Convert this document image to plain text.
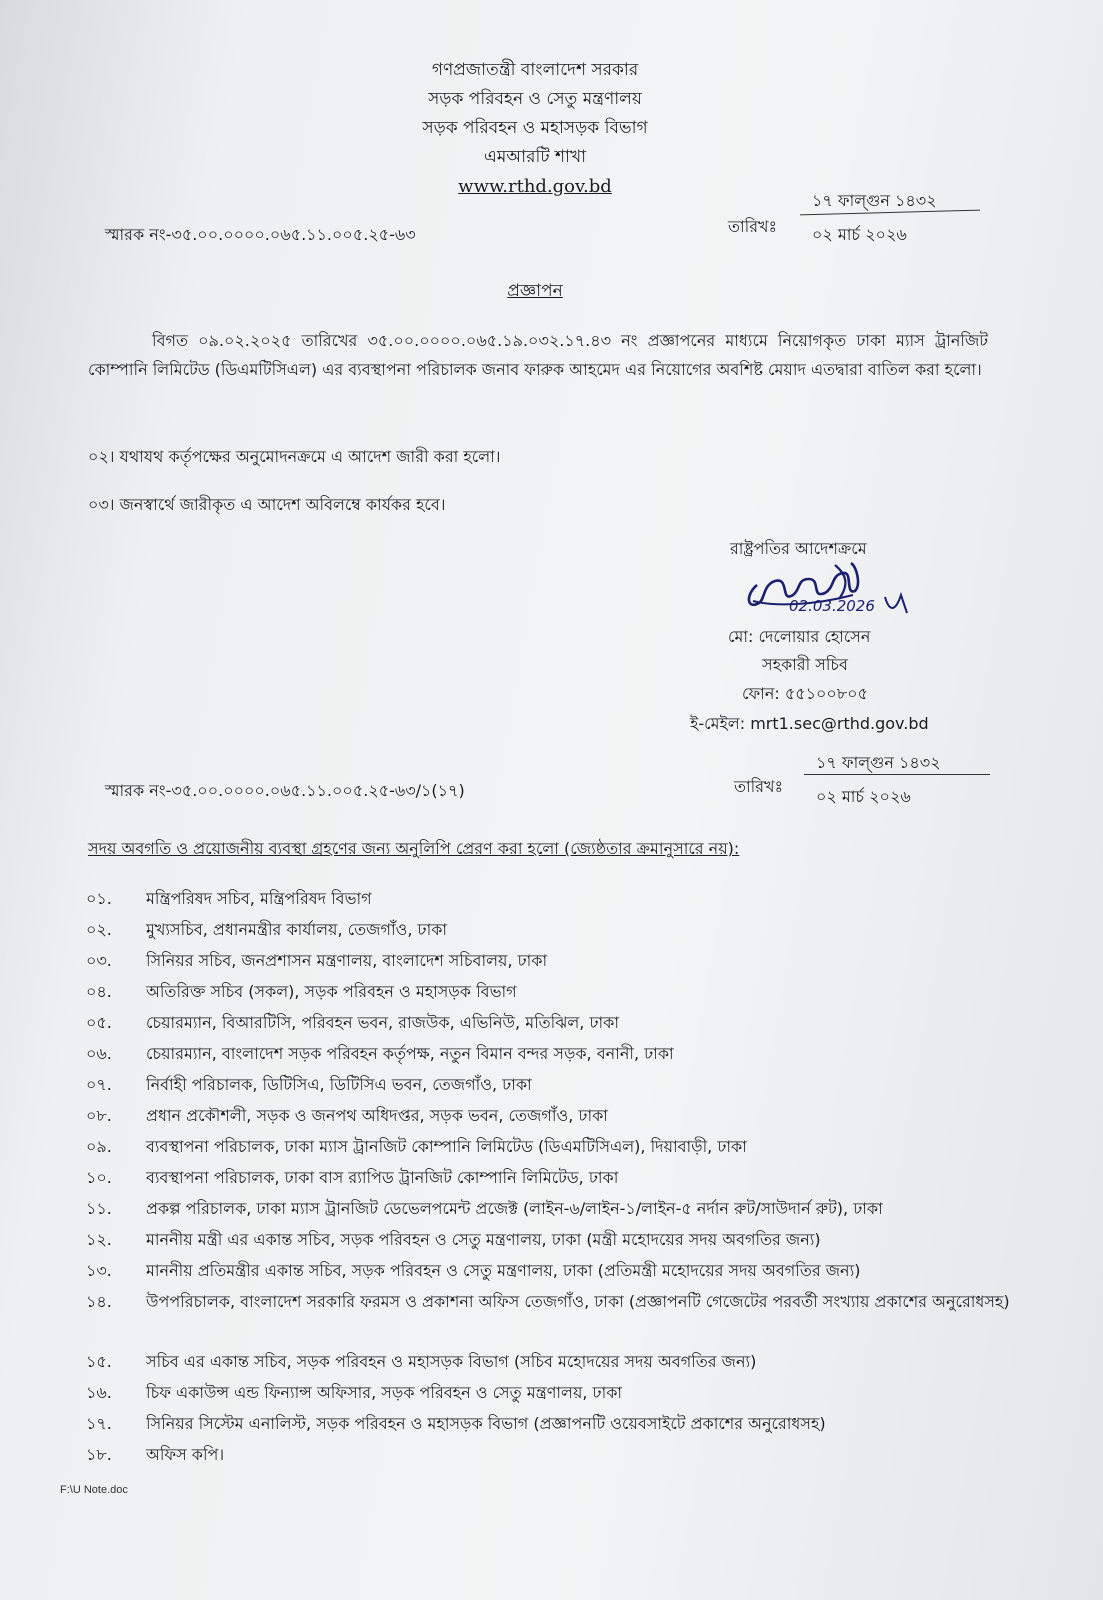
গণপ্রজাতন্ত্রী বাংলাদেশ সরকার
সড়ক পরিবহন ও সেতু মন্ত্রণালয়
সড়ক পরিবহন ও মহাসড়ক বিভাগ
এমআরটি শাখা
www.rthd.gov.bd
স্মারক নং-৩৫.০০.০০০০.০৬৫.১১.০০৫.২৫-৬৩	তারিখঃ
১৭ ফাল্গুন ১৪৩২
০২ মার্চ ২০২৬
প্রজ্ঞাপন
বিগত ০৯.০২.২০২৫ তারিখের ৩৫.০০.০০০০.০৬৫.১৯.০৩২.১৭.৪৩ নং প্রজ্ঞাপনের মাধ্যমে নিয়োগকৃত ঢাকা ম্যাস ট্রানজিট কোম্পানি লিমিটেড (ডিএমটিসিএল) এর ব্যবস্থাপনা পরিচালক জনাব ফারুক আহমেদ এর নিয়োগের অবশিষ্ট মেয়াদ এতদ্বারা বাতিল করা হলো।
০২। যথাযথ কর্তৃপক্ষের অনুমোদনক্রমে এ আদেশ জারী করা হলো।
০৩। জনস্বার্থে জারীকৃত এ আদেশ অবিলম্বে কার্যকর হবে।
রাষ্ট্রপতির আদেশক্রমে
02.03.2026
মো: দেলোয়ার হোসেন
সহকারী সচিব
ফোন: ৫৫১০০৮০৫
ই-মেইল: mrt1.sec@rthd.gov.bd
স্মারক নং-৩৫.০০.০০০০.০৬৫.১১.০০৫.২৫-৬৩/১(১৭)	তারিখঃ
১৭ ফাল্গুন ১৪৩২
০২ মার্চ ২০২৬
সদয় অবগতি ও প্রয়োজনীয় ব্যবস্থা গ্রহণের জন্য অনুলিপি প্রেরণ করা হলো (জ্যেষ্ঠতার ক্রমানুসারে নয়):
০১. মন্ত্রিপরিষদ সচিব, মন্ত্রিপরিষদ বিভাগ
০২. মুখ্যসচিব, প্রধানমন্ত্রীর কার্যালয়, তেজগাঁও, ঢাকা
০৩. সিনিয়র সচিব, জনপ্রশাসন মন্ত্রণালয়, বাংলাদেশ সচিবালয়, ঢাকা
০৪. অতিরিক্ত সচিব (সকল), সড়ক পরিবহন ও মহাসড়ক বিভাগ
০৫. চেয়ারম্যান, বিআরটিসি, পরিবহন ভবন, রাজউক, এভিনিউ, মতিঝিল, ঢাকা
০৬. চেয়ারম্যান, বাংলাদেশ সড়ক পরিবহন কর্তৃপক্ষ, নতুন বিমান বন্দর সড়ক, বনানী, ঢাকা
০৭. নির্বাহী পরিচালক, ডিটিসিএ, ডিটিসিএ ভবন, তেজগাঁও, ঢাকা
০৮. প্রধান প্রকৌশলী, সড়ক ও জনপথ অধিদপ্তর, সড়ক ভবন, তেজগাঁও, ঢাকা
০৯. ব্যবস্থাপনা পরিচালক, ঢাকা ম্যাস ট্রানজিট কোম্পানি লিমিটেড (ডিএমটিসিএল), দিয়াবাড়ী, ঢাকা
১০. ব্যবস্থাপনা পরিচালক, ঢাকা বাস র‍্যাপিড ট্রানজিট কোম্পানি লিমিটেড, ঢাকা
১১. প্রকল্প পরিচালক, ঢাকা ম্যাস ট্রানজিট ডেভেলপমেন্ট প্রজেক্ট (লাইন-৬/লাইন-১/লাইন-৫ নর্দান রুট/সাউদার্ন রুট), ঢাকা
১২. মাননীয় মন্ত্রী এর একান্ত সচিব, সড়ক পরিবহন ও সেতু মন্ত্রণালয়, ঢাকা (মন্ত্রী মহোদয়ের সদয় অবগতির জন্য)
১৩. মাননীয় প্রতিমন্ত্রীর একান্ত সচিব, সড়ক পরিবহন ও সেতু মন্ত্রণালয়, ঢাকা (প্রতিমন্ত্রী মহোদয়ের সদয় অবগতির জন্য)
১৪. উপপরিচালক, বাংলাদেশ সরকারি ফরমস ও প্রকাশনা অফিস তেজগাঁও, ঢাকা (প্রজ্ঞাপনটি গেজেটের পরবর্তী সংখ্যায় প্রকাশের অনুরোধসহ)
১৫. সচিব এর একান্ত সচিব, সড়ক পরিবহন ও মহাসড়ক বিভাগ (সচিব মহোদয়ের সদয় অবগতির জন্য)
১৬. চিফ একাউন্স এন্ড ফিন্যান্স অফিসার, সড়ক পরিবহন ও সেতু মন্ত্রণালয়, ঢাকা
১৭. সিনিয়র সিস্টেম এনালিস্ট, সড়ক পরিবহন ও মহাসড়ক বিভাগ (প্রজ্ঞাপনটি ওয়েবসাইটে প্রকাশের অনুরোধসহ)
১৮. অফিস কপি।
F:\U Note.doc
